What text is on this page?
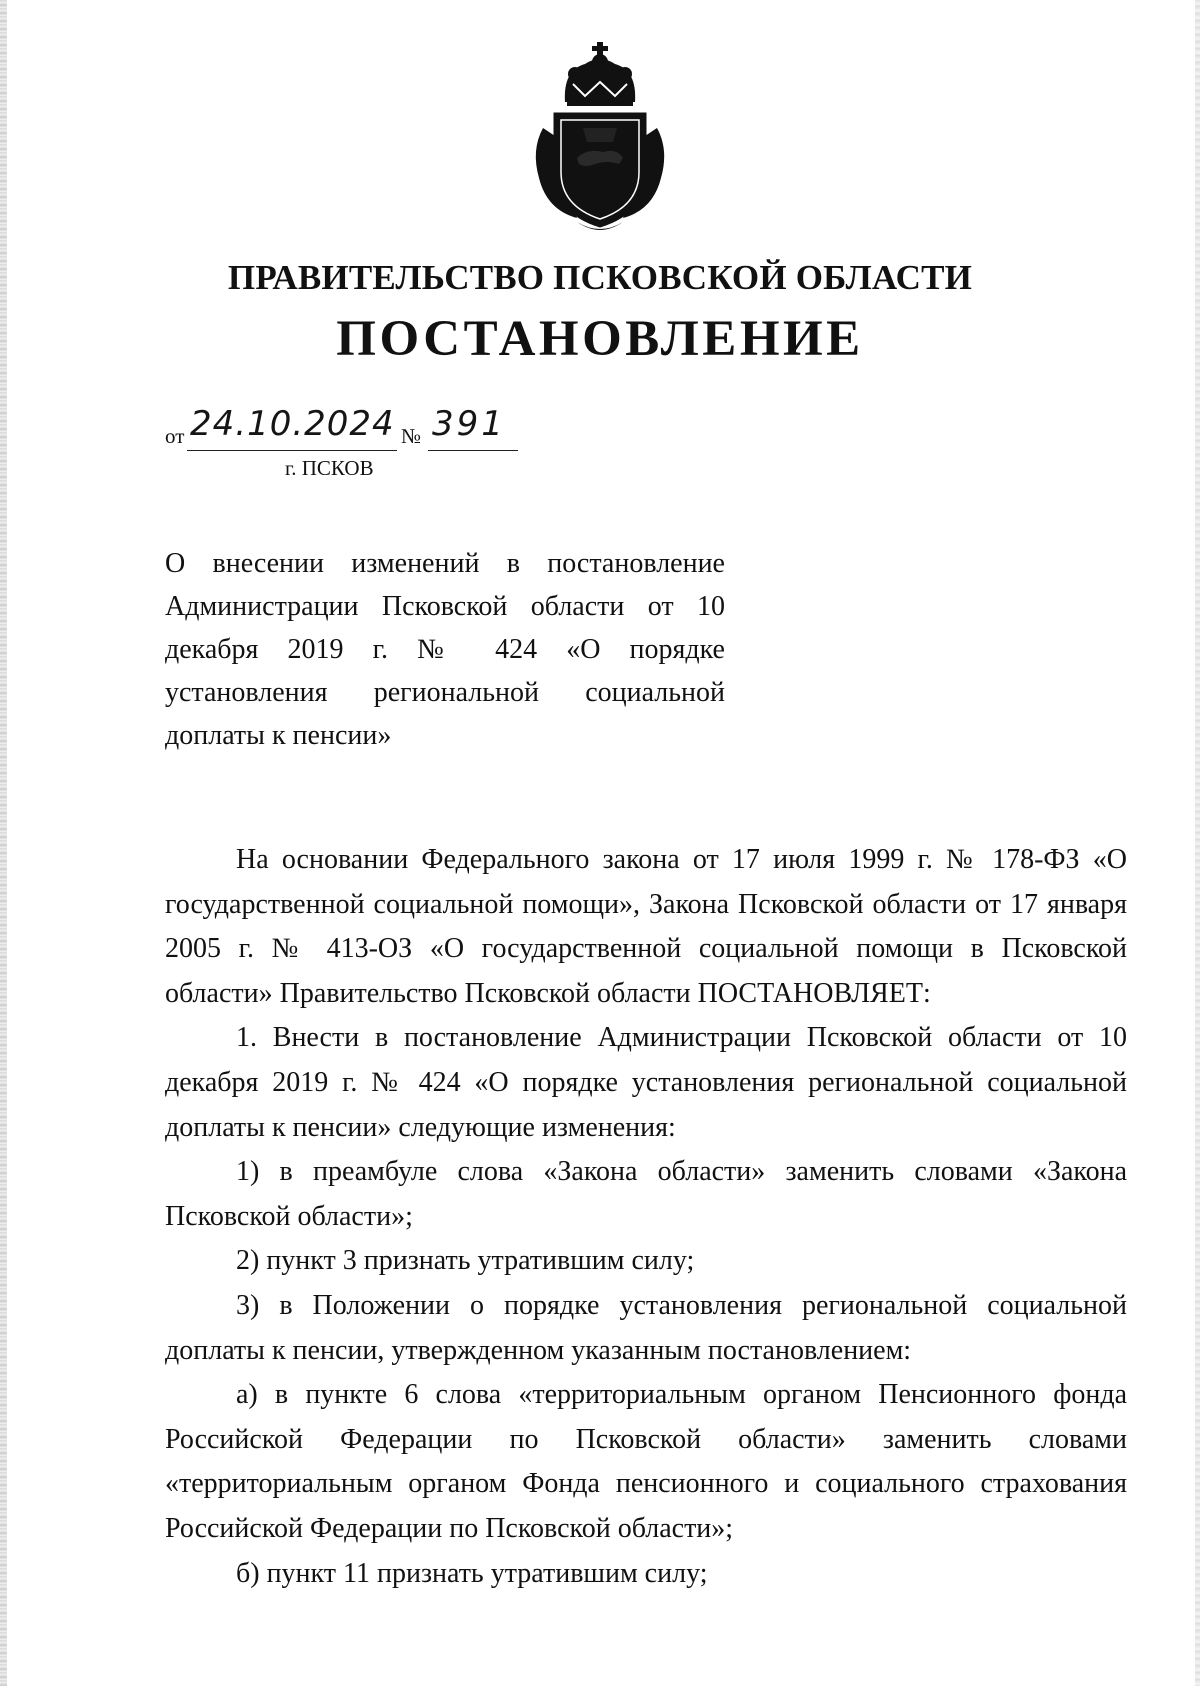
ПРАВИТЕЛЬСТВО ПСКОВСКОЙ ОБЛАСТИ
ПОСТАНОВЛЕНИЕ
от 24.10.2024 № 391
г. ПСКОВ
О внесении изменений в постановление Администрации Псковской области от 10 декабря 2019 г. № 424 «О порядке установления региональной социальной доплаты к пенсии»

На основании Федерального закона от 17 июля 1999 г. № 178-ФЗ «О государственной социальной помощи», Закона Псковской области от 17 января 2005 г. № 413-ОЗ «О государственной социальной помощи в Псковской области» Правительство Псковской области ПОСТАНОВЛЯЕТ:

1. Внести в постановление Администрации Псковской области от 10 декабря 2019 г. № 424 «О порядке установления региональной социальной доплаты к пенсии» следующие изменения:

1) в преамбуле слова «Закона области» заменить словами «Закона Псковской области»;

2) пункт 3 признать утратившим силу;

3) в Положении о порядке установления региональной социальной доплаты к пенсии, утвержденном указанным постановлением:

а) в пункте 6 слова «территориальным органом Пенсионного фонда Российской Федерации по Псковской области» заменить словами «территориальным органом Фонда пенсионного и социального страхования Российской Федерации по Псковской области»;

б) пункт 11 признать утратившим силу;
